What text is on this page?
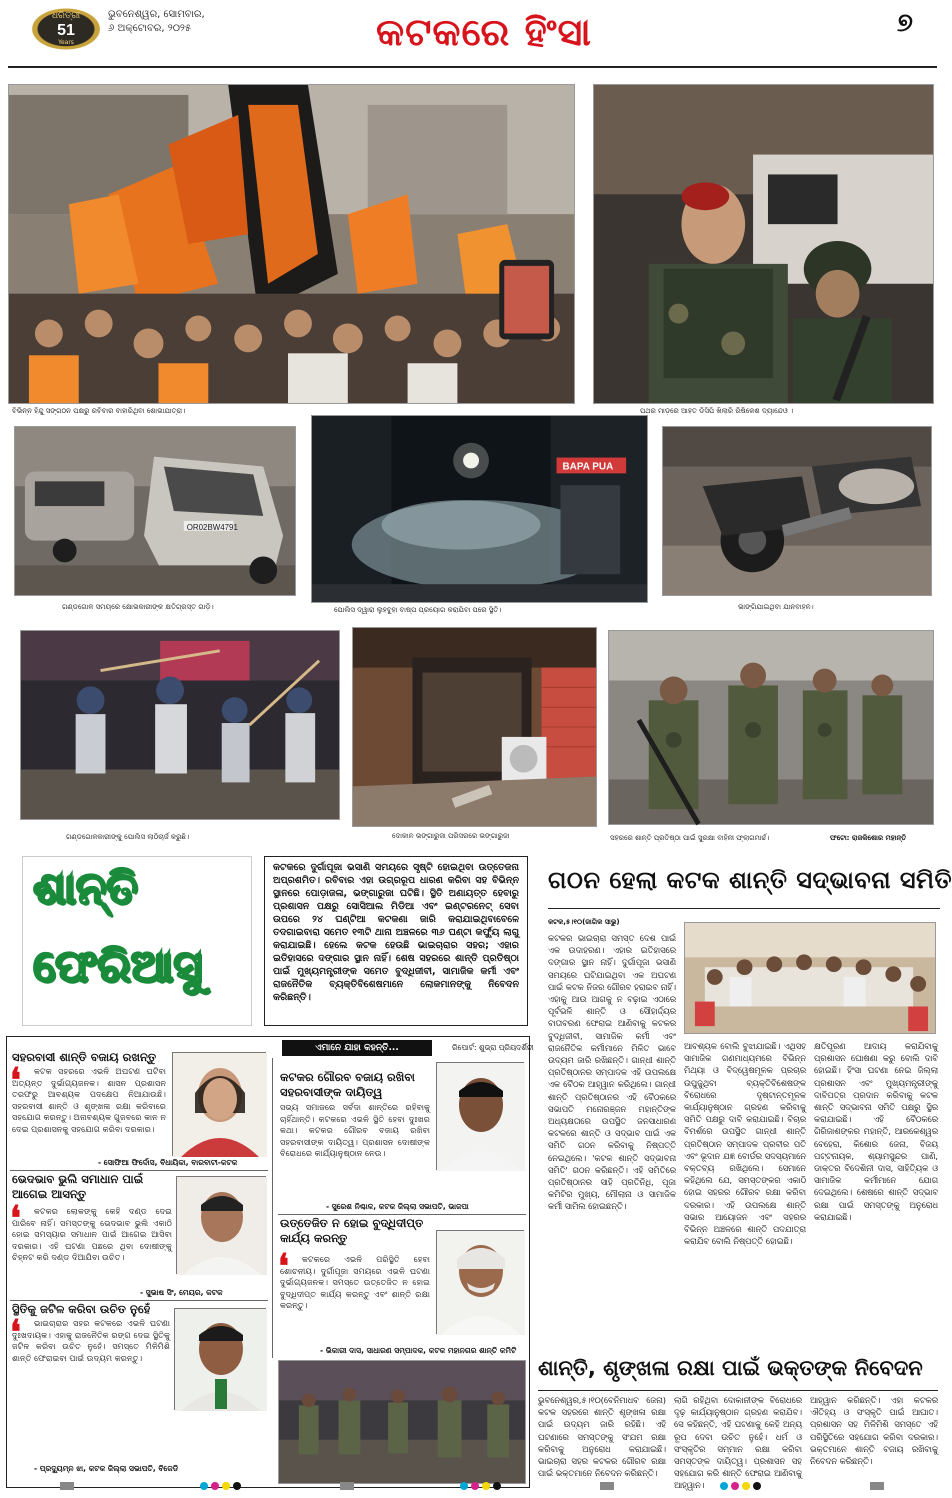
ଧରିତ୍ରୀ
51
Years
ଭୁବନେଶ୍ୱର, ସୋମବାର,
୬ ଅକ୍ଟୋବର, ୨୦୨୫	କଟକରେ ହିଂସା	୭
ବିଭିନ୍ନ ହିନ୍ଦୁ ସଙ୍ଗଠନ ପକ୍ଷରୁ ରବିବାର ବାହାରିଥିବା ଶୋଭାଯାତ୍ରା।	ପଥର ମାଡ଼ରେ ଆହତ ଡିସିପି ଖିଲାରି ରିଷିକେଶ ଦ୍ୟାନ୍ଦେଓ ।
OR02BW4791
BAPA PUA
ଗଣ୍ଡଗୋଳ ସମୟରେ କ୍ଷୋଭକାରୀଙ୍କ କ୍ଷତିଗ୍ରସ୍ତ ଗାଡ଼ି।	ପୋଲିସ ଦ୍ୱାରା ଲୁହବୁହା ବାଷ୍ପ ପ୍ରୟୋଗ କରାଯିବା ପରେ ସ୍ଥିତି।	ଭାଙ୍ଗିଯାଇଥିବା ଯାନବାହନ।
ଗଣ୍ଡଗୋଳକାରୀଙ୍କୁ ପୋଲିସ ଲାଠିଚାର୍ଜ କରୁଛି।	ଦୋକାନ ଭଙ୍ଗାରୁଜା ପରିସରରେ ଭଙ୍ଗାରୁଜା	ସହରରେ ଶାନ୍ତି ପ୍ରତିଷ୍ଠା ପାଇଁ ସୁରକ୍ଷା ବାହିନୀ ଫ୍ଲାଗମାର୍ଚ୍ଚ।	ଫଟୋ: ରାଜକିଶୋର ମହାନ୍ତି
ଶାନ୍ତି
ଫେରିଆସୁ

କଟକରେ ଦୁର୍ଗାପୂଜା ଭସାଣି ସମୟରେ ସୃଷ୍ଟି ହୋଇଥିବା ଉତ୍ତେଜନା ଅପ୍ରଶମିତ। ରବିବାର ଏହା ଉଗ୍ରରୂପ ଧାରଣ କରିବା ସହ ବିଭିନ୍ନ ସ୍ଥାନରେ ପୋଡ଼ାଜଳା, ଭଙ୍ଗାରୁଜା ଘଟିଛି। ସ୍ଥିତି ଅଣାୟତ୍ତ ହେବାରୁ ପ୍ରଶାସନ ପକ୍ଷରୁ ସୋସିଆଲ ମିଡିଆ ଏବଂ ଇଣ୍ଟରନେଟ୍ ସେବା ଉପରେ ୨୪ ଘଣ୍ଟିଆ କଟକଣା ଜାରି କରାଯାଇଥିବାବେଳେ ତଦଗାଇବାରା ସମେତ ୧୩ଟି ଥାନା ଅଞ୍ଚଳରେ ୩୬ ଘଣ୍ଟା କର୍ଫ୍ୟୁ ଲାଗୁ କରାଯାଇଛି। ହେଲେ କଟକ ହେଉଛି ଭାଇଚାରାର ସହର; ଏହାର ଇତିହାସରେ ଦଙ୍ଗାର ସ୍ଥାନ ନାହିଁ। ଶେଷ ସହରରେ ଶାନ୍ତି ପ୍ରତିଷ୍ଠା ପାଇଁ ମୁଖ୍ୟମନ୍ତ୍ରୀଙ୍କ ସମେତ ବୁଦ୍ଧିଜୀବୀ, ସାମାଜିକ କର୍ମୀ ଏବଂ ରାଜନୈତିକ ବ୍ୟକ୍ତିବିଶେଷମାନେ ଲୋକମାନଙ୍କୁ ନିବେଦନ କରିଛନ୍ତି।

ଗଠନ ହେଲା କଟକ ଶାନ୍ତି ସଦ୍ଭାବନା ସମିତି
କଟକ,୫।୧୦(ଜାଗିକ ସାଭୁ)

କଟକର ଭାଇଚାରା ସମସ୍ତ ଦେଶ ପାଇଁ ଏକ ଉଦାହରଣ। ଏହାର ଇତିହାସରେ ଦଙ୍ଗାର ସ୍ଥାନ ନାହିଁ। ଦୁର୍ଗାପୂଜା ଭସାଣି ସମୟରେ ଘଟିଯାଇଥିବା ଏକ ଅଘଟଣ ପାଇଁ କଟକ ନିଜର ଗୌରବ ହରାଇବ ନାହିଁ। ଏହାକୁ ଆଉ ଆଗକୁ ନ ବଢ଼ାଇ ଏଠାରେ ପୂର୍ବଭଳି ଶାନ୍ତି ଓ ସୌହାର୍ଦ୍ଦ୍ୟର ବାତାବରଣ ଫେରାଇ ଆଣିବାକୁ କଟକର ବୁଦ୍ଧିଜୀବୀ, ସାମାଜିକ କର୍ମୀ ଏବଂ ରାଜନୈତିକ କର୍ମୀମାନେ ମିଳିତ ଭାବେ ଉଦ୍ୟମ ଜାରି ରଖିଛନ୍ତି। ଗାନ୍ଧୀ ଶାନ୍ତି ପ୍ରତିଷ୍ଠାନର ସମ୍ପାଦକ ଏହି ଉପଲକ୍ଷେ ଏକ ବୈଠକ ଆହ୍ୱାନ କରିଥିଲେ। ଗାନ୍ଧୀ ଶାନ୍ତି ପ୍ରତିଷ୍ଠାନର ଏହି ବୈଠକରେ ସଭାପତି ମନୋରଞ୍ଜନ ମହାନ୍ତିଙ୍କ ଅଧ୍ୟକ୍ଷତାରେ ଉପସ୍ଥିତ ଜନସାଧାରଣ କଟକରେ ଶାନ୍ତି ଓ ସଦ୍ଭାବ ପାଇଁ ଏକ ସମିତି ଗଠନ କରିବାକୁ ନିଷ୍ପତ୍ତି ନେଇଥିଲେ। 'କଟକ ଶାନ୍ତି ସଦ୍ଭାବନା ସମିତି' ଗଠନ କରିଛନ୍ତି। ଏହି ସମିତିରେ ପ୍ରତିଷ୍ଠାନର ସାହି ପ୍ରତିନିଧି, ପୂଜା କମିଟିର ମୁଖ୍ୟ, ମୌଲାନା ଓ ସାମାଜିକ କର୍ମୀ ସାମିଲ ହୋଇଛନ୍ତି।

ଆବଶ୍ୟକ ବୋଲି ବୁଝାଯାଇଛି। ଏଥିସହ ସାମାଜିକ ଗଣମାଧ୍ୟମରେ ବିଭିନ୍ନ ମିଥ୍ୟା ଓ ବିଦ୍ୱେଷମୂଳକ ପ୍ରଚାର ଉପୁଜୁଥିବା ବ୍ୟକ୍ତିବିଶେଷଙ୍କ ବିରୋଧରେ ଦୃଷ୍ଟାନ୍ତମୂଳକ କାର୍ଯ୍ୟାନୁଷ୍ଠାନ ଗ୍ରହଣ କରିବାକୁ ସମିତି ପକ୍ଷରୁ ଦାବି କରାଯାଇଛି। ବିଚାର ବିମର୍ଶରେ ଉପସ୍ଥିତ ଗାନ୍ଧୀ ଶାନ୍ତି ପ୍ରତିଷ୍ଠାନ ସମ୍ପାଦକ ପ୍ରବୀର ପତି ଏବଂ ଭୂଦାନ ଯଜ୍ଞ ବୋର୍ଡର ସଦସ୍ୟମାନେ ବକ୍ତବ୍ୟ ରଖିଥିଲେ। ସେମାନେ କହିଥିଲେ ଯେ, ସମସ୍ତଙ୍କର ଏକାଠି ହୋଇ ସହରର ଗୌରବ ରକ୍ଷା କରିବା ଦରକାର। ଏହି ଉପଲକ୍ଷେ ଶାନ୍ତି ସଭାର ଆୟୋଜନ ଏବଂ ସହରର ବିଭିନ୍ନ ଅଞ୍ଚଳରେ ଶାନ୍ତି ପଦଯାତ୍ରା କରାଯିବ ବୋଲି ନିଷ୍ପତ୍ତି ହୋଇଛି।

କ୍ଷତିପୂରଣ ଆଦାୟ କରାଯିବାକୁ ପ୍ରଶାସନ ଘୋଷଣା କରୁ ବୋଲି ଦାବି ହୋଇଛି। ହିଂସା ଘଟଣା ନେଇ ଜିଲ୍ଲା ପ୍ରଶାସନ ଏବଂ ମୁଖ୍ୟମନ୍ତ୍ରୀଙ୍କୁ ଦାବିପତ୍ର ପ୍ରଦାନ କରିବାକୁ କଟକ ଶାନ୍ତି ସଦ୍ଭାବନା ସମିତି ପକ୍ଷରୁ ସ୍ଥିର କରାଯାଇଛି। ଏହି ବୈଠକରେ ଗିରିଜାଶଙ୍କର ମହାନ୍ତି, ଆରକେଶ୍ୱର ବେହେରା, କିଶୋର ଜେନା, ବିଜୟ ପଟ୍ଟନାୟକ, ଶ୍ୟାମସୁନ୍ଦର ପାଣି, ଡାକ୍ତର ବିଦେଶିନୀ ଦାସ, ସାହିତ୍ୟିକ ଓ ସାମାଜିକ କର୍ମୀମାନେ ଯୋଗ ଦେଇଥିଲେ। ଶେଷରେ ଶାନ୍ତି ସଦ୍ଭାବ ରକ୍ଷା ପାଇଁ ସମସ୍ତଙ୍କୁ ଅନୁରୋଧ କରାଯାଇଛି।

ଶାନ୍ତି, ଶୃଙ୍ଖଳା ରକ୍ଷା ପାଇଁ ଭକ୍ତଙ୍କ ନିବେଦନ

ଭୁବନେଶ୍ୱର,୫।୧୦(ବେନିମାଧବ ଜେନା) କଟକ ସହରରେ ଶାନ୍ତି ଶୃଙ୍ଖଳା ରକ୍ଷା ପାଇଁ ଉଦ୍ୟମ ଜାରି ରହିଛି। ଏହି ଘଟଣାରେ ସମସ୍ତଙ୍କୁ ସଂଯମ ରକ୍ଷା କରିବାକୁ ଅନୁରୋଧ କରାଯାଇଛି। ଭାଇଚାରା ସହର କଟକର ଗୌରବ ରକ୍ଷା ପାଇଁ ଭକ୍ତମାନେ ନିବେଦନ କରିଛନ୍ତି।

ଲାଗି ରହିଥିବା ଦୋକାନୀଙ୍କ ବିରୋଧରେ ଦୃଢ଼ କାର୍ଯ୍ୟାନୁଷ୍ଠାନ ଗ୍ରହଣ କରାଯିବ। ସେ କହିଛନ୍ତି, ଏହି ଘଟଣାକୁ କେହି ଅନ୍ୟ ରୂପ ଦେବା ଉଚିତ ନୁହେଁ। ଧର୍ମ ଓ ସଂସ୍କୃତିର ସମ୍ମାନ ରକ୍ଷା କରିବା ସମସ୍ତଙ୍କ ଦାୟିତ୍ୱ। ପ୍ରଶାସନ ସହ ସହଯୋଗ କରି ଶାନ୍ତି ଫେରାଇ ଆଣିବାକୁ ଆହ୍ୱାନ।

ଆହ୍ୱାନ କରିଛନ୍ତି। ଏହା କଟକର ଐତିହ୍ୟ ଓ ସଂସ୍କୃତି ପାଇଁ ଆଘାତ। ପ୍ରଶାସନ ସହ ମିଳିମିଶି ସମସ୍ତେ ଏହି ପରିସ୍ଥିତିରେ ସହଯୋଗ କରିବା ଦରକାର। ଭକ୍ତମାନେ ଶାନ୍ତି ବଜାୟ ରଖିବାକୁ ନିବେଦନ କରିଛନ୍ତି।

ଏମାନେ ଯାହା କହନ୍ତି...	ରିପୋର୍ଟ: ଶୁଭ୍ରା ପ୍ରିୟଦର୍ଶିନୀ
ସହରବାସୀ ଶାନ୍ତି ବଜାୟ ରଖନ୍ତୁ
❛	କଟକ ସହରରେ ଏଭଳି ଅଘଟଣ ଘଟିବା ଅତ୍ୟନ୍ତ ଦୁର୍ଭାଗ୍ୟଜନକ। ଶାସନ ପ୍ରଶାସନ ତରଫରୁ ଆବଶ୍ୟକ ପଦକ୍ଷେପ ନିଆଯାଉଛି। ସହରବାସୀ ଶାନ୍ତି ଓ ଶୃଙ୍ଖଳା ରକ୍ଷା କରିବାରେ ସହଯୋଗ କରନ୍ତୁ। ଅନାବଶ୍ୟକ ଗୁଜବରେ କାନ ନ ଦେଇ ପ୍ରଶାସନକୁ ସହଯୋଗ କରିବା ଦରକାର।
- ସୋଫିଆ ଫିର୍ଦୋସ, ବିଧାୟିକା, ବାରବାଟୀ-କଟକ
ଭେଦଭାବ ଭୁଲି ସମାଧାନ ପାଇଁ ଆଗେଇ ଆସନ୍ତୁ
❛	କଟକର ଲୋକଙ୍କୁ କେହି ଦଣ୍ଡ ଦେଇ ପାରିବେ ନାହିଁ। ସମସ୍ତଙ୍କୁ ଭେଦଭାବ ଭୁଲି ଏକାଠି ହୋଇ ସମସ୍ୟାର ସମାଧାନ ପାଇଁ ଆଗେଇ ଆସିବା ଦରକାର। ଏହି ଘଟଣା ପଛରେ ଥିବା ଦୋଷୀଙ୍କୁ ଚିହ୍ନଟ କରି ଦଣ୍ଡ ଦିଆଯିବା ଉଚିତ।
- ସୁଭାଷ ସିଂ, ମେୟର, କଟକ
ସ୍ଥିତିକୁ ଜଟିଳ କରିବା ଉଚିତ ନୁହେଁ
❛	ଭାଇଚାରାର ସହର କଟକରେ ଏଭଳି ଘଟଣା ଦୁଃଖଦାୟକ। ଏହାକୁ ରାଜନୈତିକ ରଙ୍ଗ ଦେଇ ସ୍ଥିତିକୁ ଜଟିଳ କରିବା ଉଚିତ ନୁହେଁ। ସମସ୍ତେ ମିଳିମିଶି ଶାନ୍ତି ଫେରାଇବା ପାଇଁ ଉଦ୍ୟମ କରନ୍ତୁ।
- ପ୍ରଦ୍ୟୁମ୍ନ ଝା, କଟକ ଜିଲ୍ଲା ସଭାପତି, ବିଜେଡି
କଟକର ଗୌରବ ବଜାୟ ରଖିବା ସହରବାସୀଙ୍କ ଦାୟିତ୍ୱ
ସଭ୍ୟ ସମାଜରେ ସର୍ବଦା ଶାନ୍ତିରେ ରହିବାକୁ ଚାହିଁଥାନ୍ତି। କଟକରେ ଏଭଳି ସ୍ଥିତି ହେବା ଦୁଃଖର କଥା। କଟକର ଗୌରବ ବଜାୟ ରଖିବା ସହରବାସୀଙ୍କ ଦାୟିତ୍ୱ। ପ୍ରଶାସନ ଦୋଷୀଙ୍କ ବିରୋଧରେ କାର୍ଯ୍ୟାନୁଷ୍ଠାନ ନେଉ।
- ସୁରେଶ ନିଶ୍ଚାଳ, କଟକ ଜିଲ୍ଲା ସଭାପତି, ଭାଜପା
ଉତ୍ତେଜିତ ନ ହୋଇ ବୁଦ୍ଧିଦୀପ୍ତ କାର୍ଯ୍ୟ କରନ୍ତୁ
❛	କଟକରେ ଏଭଳି ପରିସ୍ଥିତି ହେବା ଶୋଚନୀୟ। ଦୁର୍ଗାପୂଜା ସମୟରେ ଏଭଳି ଘଟଣା ଦୁର୍ଭାଗ୍ୟଜନକ। ସମସ୍ତେ ଉତ୍ତେଜିତ ନ ହୋଇ ବୁଦ୍ଧିଦୀପ୍ତ କାର୍ଯ୍ୟ କରନ୍ତୁ ଏବଂ ଶାନ୍ତି ରକ୍ଷା କରନ୍ତୁ।
- ଭିକାରୀ ଦାସ, ସାଧାରଣ ସମ୍ପାଦକ, କଟକ ମହାନଗର ଶାନ୍ତି କମିଟି
